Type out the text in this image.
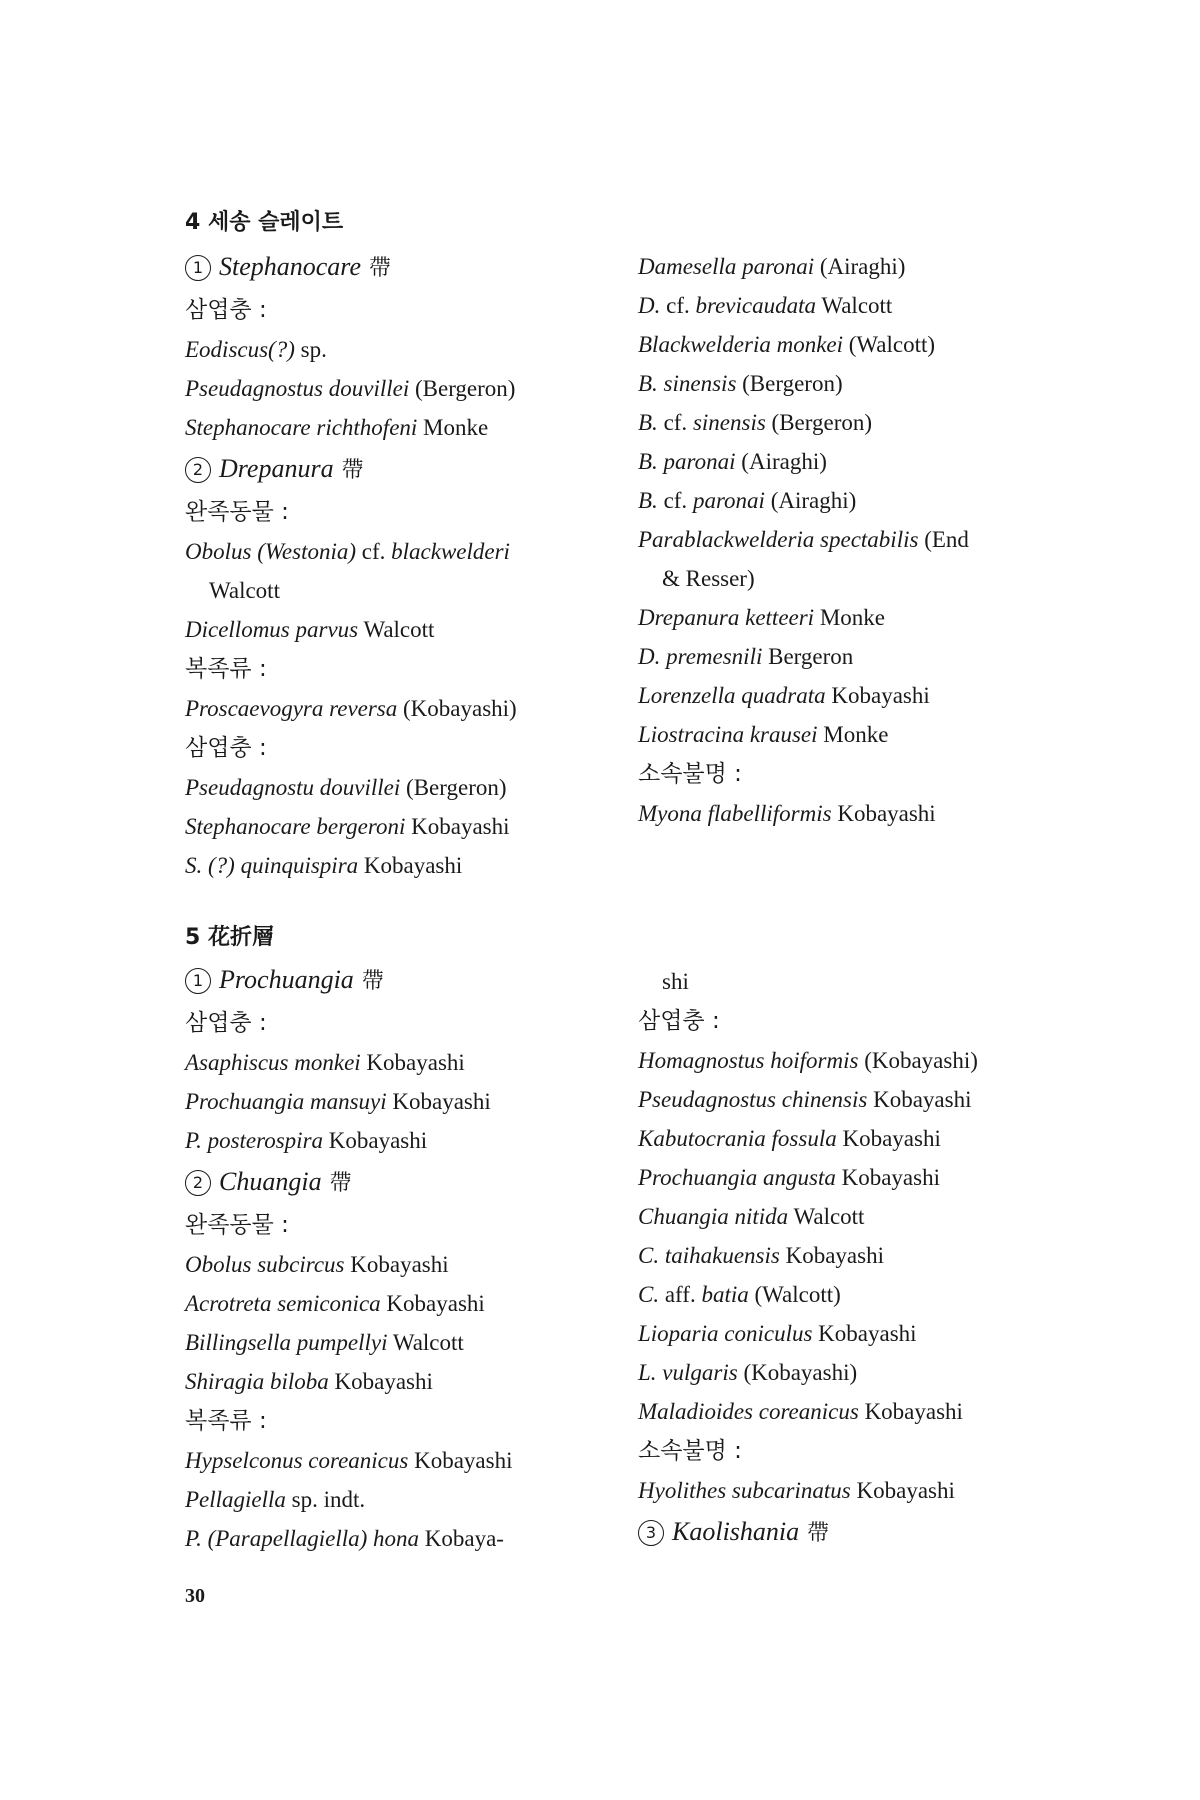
4 세송 슬레이트
1 Stephanocare 帶
삼엽충 :
Eodiscus(?) sp.
Pseudagnostus douvillei (Bergeron)
Stephanocare richthofeni Monke
2 Drepanura 帶
완족동물 :
Obolus (Westonia) cf. blackwelderi
Walcott
Dicellomus parvus Walcott
복족류 :
Proscaevogyra reversa (Kobayashi)
삼엽충 :
Pseudagnostu douvillei (Bergeron)
Stephanocare bergeroni Kobayashi
S. (?) quinquispira Kobayashi
Damesella paronai (Airaghi)
D. cf. brevicaudata Walcott
Blackwelderia monkei (Walcott)
B. sinensis (Bergeron)
B. cf. sinensis (Bergeron)
B. paronai (Airaghi)
B. cf. paronai (Airaghi)
Parablackwelderia spectabilis (End
& Resser)
Drepanura ketteeri Monke
D. premesnili Bergeron
Lorenzella quadrata Kobayashi
Liostracina krausei Monke
소속불명 :
Myona flabelliformis Kobayashi
5 花折層
1 Prochuangia 帶
삼엽충 :
Asaphiscus monkei Kobayashi
Prochuangia mansuyi Kobayashi
P. posterospira Kobayashi
2 Chuangia 帶
완족동물 :
Obolus subcircus Kobayashi
Acrotreta semiconica Kobayashi
Billingsella pumpellyi Walcott
Shiragia biloba Kobayashi
복족류 :
Hypselconus coreanicus Kobayashi
Pellagiella sp. indt.
P. (Parapellagiella) hona Kobaya-
shi
삼엽충 :
Homagnostus hoiformis (Kobayashi)
Pseudagnostus chinensis Kobayashi
Kabutocrania fossula Kobayashi
Prochuangia angusta Kobayashi
Chuangia nitida Walcott
C. taihakuensis Kobayashi
C. aff. batia (Walcott)
Lioparia coniculus Kobayashi
L. vulgaris (Kobayashi)
Maladioides coreanicus Kobayashi
소속불명 :
Hyolithes subcarinatus Kobayashi
3 Kaolishania 帶
30
